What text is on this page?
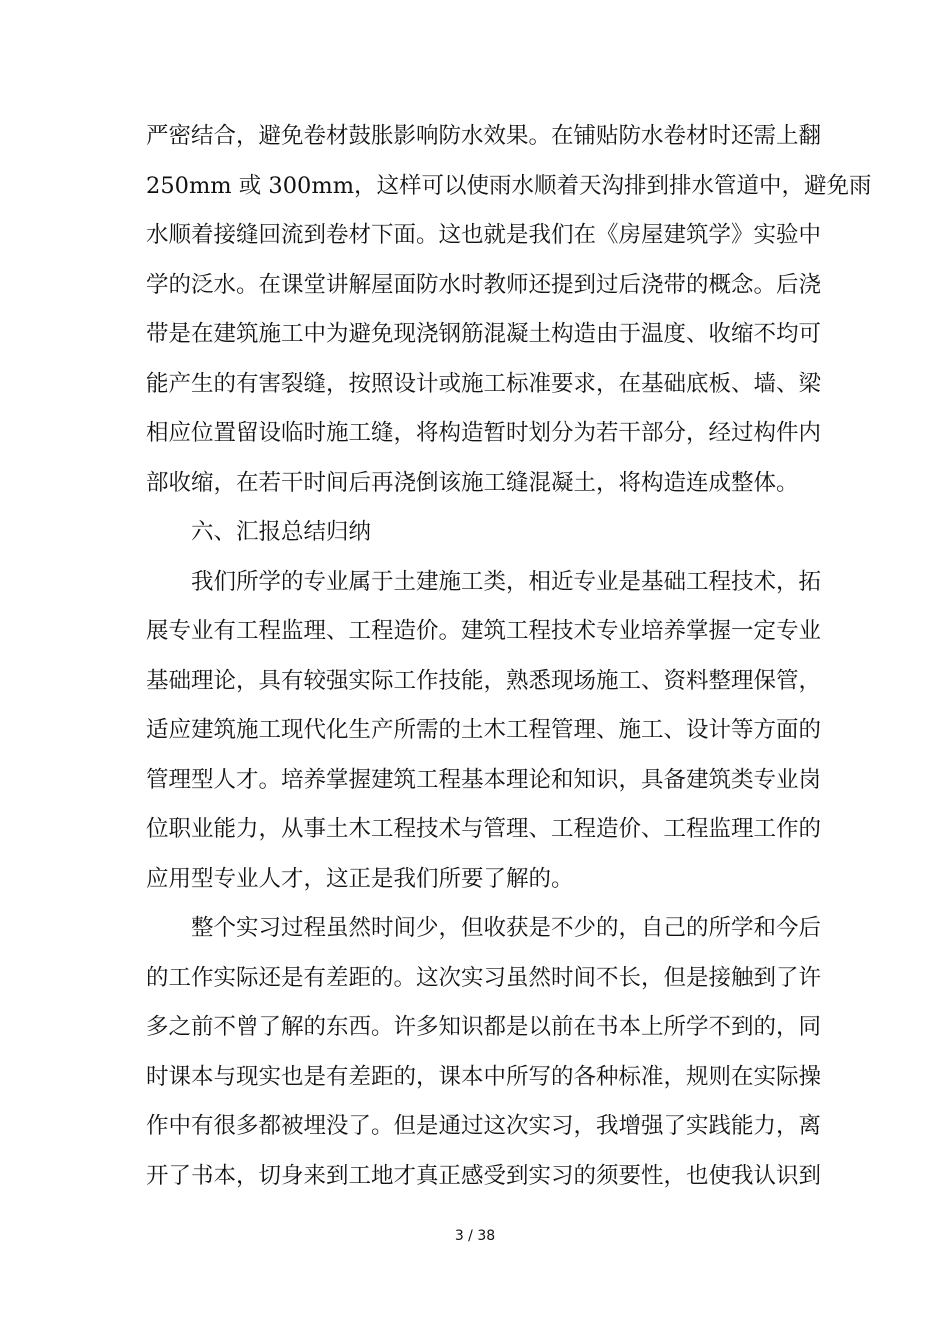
严密结合，避免卷材鼓胀影响防水效果。在铺贴防水卷材时还需上翻
250mm 或 300mm，这样可以使雨水顺着天沟排到排水管道中，避免雨
水顺着接缝回流到卷材下面。这也就是我们在《房屋建筑学》实验中
学的泛水。在课堂讲解屋面防水时教师还提到过后浇带的概念。后浇
带是在建筑施工中为避免现浇钢筋混凝土构造由于温度、收缩不均可
能产生的有害裂缝，按照设计或施工标准要求，在基础底板、墙、梁
相应位置留设临时施工缝，将构造暂时划分为若干部分，经过构件内
部收缩，在若干时间后再浇倒该施工缝混凝土，将构造连成整体。
六、汇报总结归纳
我们所学的专业属于土建施工类，相近专业是基础工程技术，拓
展专业有工程监理、工程造价。建筑工程技术专业培养掌握一定专业
基础理论，具有较强实际工作技能，熟悉现场施工、资料整理保管，
适应建筑施工现代化生产所需的土木工程管理、施工、设计等方面的
管理型人才。培养掌握建筑工程基本理论和知识，具备建筑类专业岗
位职业能力，从事土木工程技术与管理、工程造价、工程监理工作的
应用型专业人才，这正是我们所要了解的。
整个实习过程虽然时间少，但收获是不少的，自己的所学和今后
的工作实际还是有差距的。这次实习虽然时间不长，但是接触到了许
多之前不曾了解的东西。许多知识都是以前在书本上所学不到的，同
时课本与现实也是有差距的，课本中所写的各种标准，规则在实际操
作中有很多都被埋没了。但是通过这次实习，我增强了实践能力，离
开了书本，切身来到工地才真正感受到实习的须要性，也使我认识到
3 / 38
